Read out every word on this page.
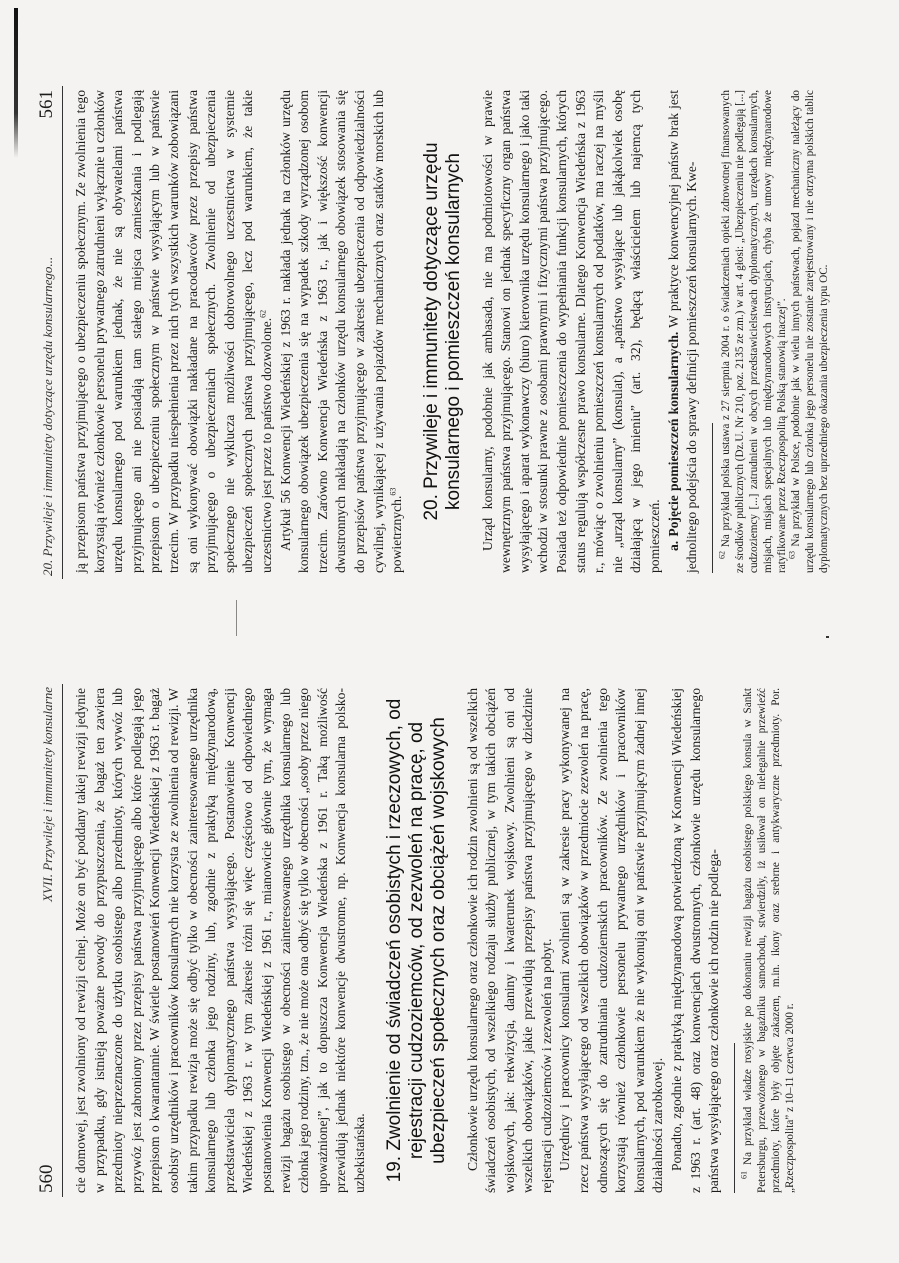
560
XVII. Przywileje i immunitety konsularne cie domowej, jest zwolniony od rewizji celnej. Może on być poddany takiej rewizji jedynie w przypadku, gdy istnieją poważne powody do przypuszczenia, że bagaż ten zawiera przedmioty nieprzeznaczone do użytku osobistego albo przedmioty, których wywóz lub przywóz jest zabroniony przez przepisy państwa przyjmującego albo które podlegają jego przepisom o kwarantannie. W świetle postanowień Konwencji Wiedeńskiej z 1963 r. bagaż osobisty urzędników i pracowników konsularnych nie korzysta ze zwolnienia od rewizji. W takim przypadku rewizja może się odbyć tylko w obecności zainteresowanego urzędnika konsularnego lub członka jego rodziny, lub, zgodnie z praktyką międzynarodową, przedstawiciela dyplomatycznego państwa wysyłającego. Postanowienie Konwencji Wiedeńskiej z 1963 r. w tym zakresie różni się więc częściowo od odpowiedniego postanowienia Konwencji Wiedeńskiej z 1961 r., mianowicie głównie tym, że wymaga rewizji bagażu osobistego w obecności zainteresowanego urzędnika konsularnego lub członka jego rodziny, tzn., że nie może ona odbyć się tylko w obecności „osoby przez niego upoważnionej”, jak to dopuszcza Konwencja Wiedeńska z 1961 r. Taką możliwość przewidują jednak niektóre konwencje dwustronne, np. Konwencja konsularna polsko-uzbekistańska. 19. Zwolnienie od świadczeń osobistych i rzeczowych, od rejestracji cudzoziemców, od zezwoleń na pracę, od ubezpieczeń społecznych oraz obciążeń wojskowych Członkowie urzędu konsularnego oraz członkowie ich rodzin zwolnieni są od wszelkich świadczeń osobistych, od wszelkiego rodzaju służby publicznej, w tym takich obciążeń wojskowych, jak: rekwizycja, daniny i kwaterunek wojskowy. Zwolnieni są oni od wszelkich obowiązków, jakie przewidują przepisy państwa przyjmującego w dziedzinie rejestracji cudzoziemców i zezwoleń na pobyt. Urzędnicy i pracownicy konsularni zwolnieni są w zakresie pracy wykonywanej na rzecz państwa wysyłającego od wszelkich obowiązków w przedmiocie zezwoleń na pracę, odnoszących się do zatrudniania cudzoziemskich pracowników. Ze zwolnienia tego korzystają również członkowie personelu prywatnego urzędników i pracowników konsularnych, pod warunkiem że nie wykonują oni w państwie przyjmującym żadnej innej działalności zarobkowej. Ponadto, zgodnie z praktyką międzynarodową potwierdzoną w Konwencji Wiedeńskiej z 1963 r. (art. 48) oraz konwencjach dwustronnych, członkowie urzędu konsularnego państwa wysyłającego oraz członkowie ich rodzin nie podlega-	$^{61}$ Na przykład władze rosyjskie po dokonaniu rewizji bagażu osobistego polskiego konsula w Sankt Petersburgu, przewożonego w bagażniku samochodu, stwierdziły, iż usiłował on nielegalnie przewieźć przedmioty, które były objęte zakazem, m.in. ikony oraz srebrne i antykwaryczne przedmioty. Por. „Rzeczpospolita” z 10–11 czerwca 2000 r.

20. Przywileje i immunitety dotyczące urzędu konsularnego...
561 ją przepisom państwa przyjmującego o ubezpieczeniu społecznym. Ze zwolnienia tego korzystają również członkowie personelu prywatnego zatrudnieni wyłącznie u członków urzędu konsularnego pod warunkiem jednak, że nie są obywatelami państwa przyjmującego ani nie posiadają tam stałego miejsca zamieszkania i podlegają przepisom o ubezpieczeniu społecznym w państwie wysyłającym lub w państwie trzecim. W przypadku niespełnienia przez nich tych wszystkich warunków zobowiązani są oni wykonywać obowiązki nakładane na pracodawców przez przepisy państwa przyjmującego o ubezpieczeniach społecznych. Zwolnienie od ubezpieczenia społecznego nie wyklucza możliwości dobrowolnego uczestnictwa w systemie ubezpieczeń społecznych państwa przyjmującego, lecz pod warunkiem, że takie uczestnictwo jest przez to państwo dozwolone.$^{62}$ Artykuł 56 Konwencji Wiedeńskiej z 1963 r. nakłada jednak na członków urzędu konsularnego obowiązek ubezpieczenia się na wypadek szkody wyrządzonej osobom trzecim. Zarówno Konwencja Wiedeńska z 1963 r., jak i większość konwencji dwustronnych nakładają na członków urzędu konsularnego obowiązek stosowania się do przepisów państwa przyjmującego w zakresie ubezpieczenia od odpowiedzialności cywilnej, wynikającej z używania pojazdów mechanicznych oraz statków morskich lub powietrznych.$^{63}$	20. Przywileje i immunitety dotyczące urzędu konsularnego i pomieszczeń konsularnych Urząd konsularny, podobnie jak ambasada, nie ma podmiotowości w prawie wewnętrznym państwa przyjmującego. Stanowi on jednak specyficzny organ państwa wysyłającego i aparat wykonawczy (biuro) kierownika urzędu konsularnego i jako taki wchodzi w stosunki prawne z osobami prawnymi i fizycznymi państwa przyjmującego. Posiada też odpowiednie pomieszczenia do wypełniania funkcji konsularnych, których status regulują współczesne prawo konsularne. Dlatego Konwencja Wiedeńska z 1963 r., mówiąc o zwolnieniu pomieszczeń konsularnych od podatków, ma raczej na myśli nie „urząd konsularny” (konsulat), a „państwo wysyłające lub jakąkolwiek osobę działającą w jego imieniu” (art. 32), będącą właścicielem lub najemcą tych pomieszczeń. a. Pojęcie pomieszczeń konsularnych. W praktyce konwencyjnej państw brak jest jednolitego podejścia do sprawy definicji pomieszczeń konsularnych. Kwe-	$^{62}$ Na przykład polska ustawa z 27 sierpnia 2004 r. o świadczeniach opieki zdrowotnej finansowanych ze środków publicznych (Dz.U. Nr 210, poz. 2135 ze zm.) w art. 4 głosi: „Ubezpieczeniu nie podlegają [...] cudzoziemcy [...] zatrudnieni w obcych przedstawicielstwach dyplomatycznych, urzędach konsularnych, misjach, misjach specjalnych lub międzynarodowych instytucjach, chyba że umowy międzynarodowe ratyfikowane przez Rzeczpospolitą Polską stanowią inaczej”. $^{63}$ Na przykład w Polsce, podobnie jak w wielu innych państwach, pojazd mechaniczny należący do urzędu konsularnego lub członka jego personelu nie zostanie zarejestrowany i nie otrzyma polskich tablic dyplomatycznych bez uprzedniego okazania ubezpieczenia typu OC.
